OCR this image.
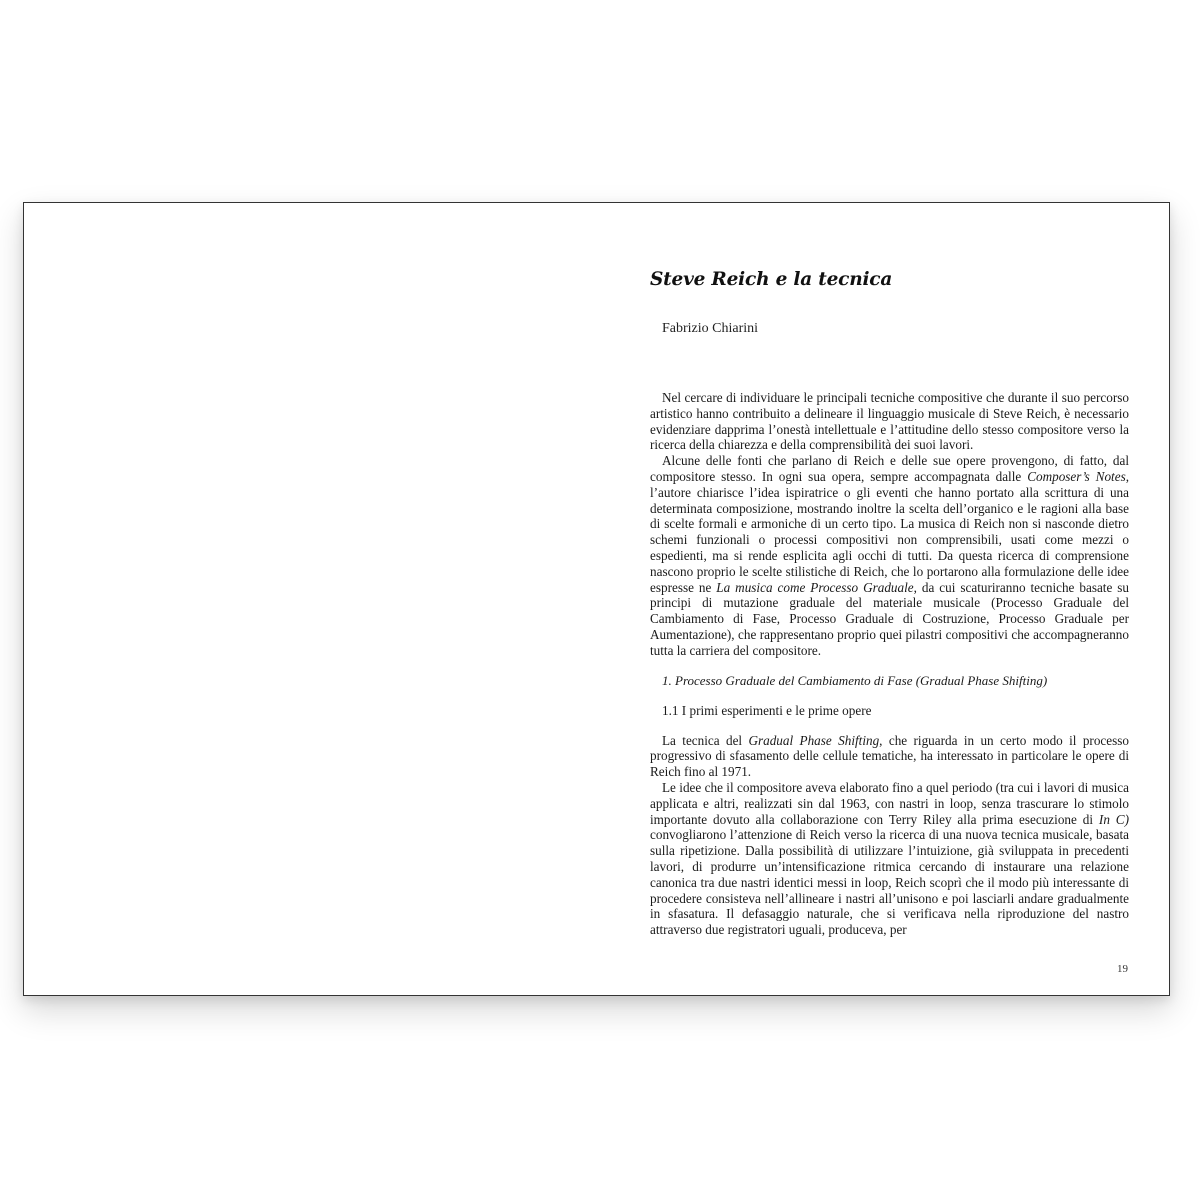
Steve Reich e la tecnica
Fabrizio Chiarini

Nel cercare di individuare le principali tecniche compositive che durante il suo percorso artistico hanno contribuito a delineare il linguaggio musicale di Steve Reich, è necessario evidenziare dapprima l’onestà intellettuale e l’attitudine dello stesso compositore verso la ricerca della chiarezza e della comprensibilità dei suoi lavori.

Alcune delle fonti che parlano di Reich e delle sue opere provengono, di fatto, dal compositore stesso. In ogni sua opera, sempre accompagnata dalle Composer’s Notes, l’autore chiarisce l’idea ispiratrice o gli eventi che hanno portato alla scrittura di una determinata composizione, mostrando inoltre la scelta dell’organico e le ragioni alla base di scelte formali e armoniche di un certo tipo. La musica di Reich non si nasconde dietro schemi funzionali o processi compositivi non comprensibili, usati come mezzi o espedienti, ma si rende esplicita agli occhi di tutti. Da questa ricerca di comprensione nascono proprio le scelte stilistiche di Reich, che lo portarono alla formulazione delle idee espresse ne La musica come Processo Graduale, da cui scaturiranno tecniche basate su principi di mutazione graduale del materiale musicale (Processo Graduale del Cambiamento di Fase, Processo Graduale di Costruzione, Processo Graduale per Aumentazione), che rappresentano proprio quei pilastri compositivi che accompagneranno tutta la carriera del compositore.

1. Processo Graduale del Cambiamento di Fase (Gradual Phase Shifting)
1.1 I primi esperimenti e le prime opere

La tecnica del Gradual Phase Shifting, che riguarda in un certo modo il processo progressivo di sfasamento delle cellule tematiche, ha interessato in particolare le opere di Reich fino al 1971.

Le idee che il compositore aveva elaborato fino a quel periodo (tra cui i lavori di musica applicata e altri, realizzati sin dal 1963, con nastri in loop, senza trascurare lo stimolo importante dovuto alla collaborazione con Terry Riley alla prima esecuzione di In C) convogliarono l’attenzione di Reich verso la ricerca di una nuova tecnica musicale, basata sulla ripetizione. Dalla possibilità di utilizzare l’intuizione, già sviluppata in precedenti lavori, di produrre un’intensificazione ritmica cercando di instaurare una relazione canonica tra due nastri identici messi in loop, Reich scoprì che il modo più interessante di procedere consisteva nell’allineare i nastri all’unisono e poi lasciarli andare gradualmente in sfasatura. Il defasaggio naturale, che si verificava nella riproduzione del nastro attraverso due registratori uguali, produceva, per

19
